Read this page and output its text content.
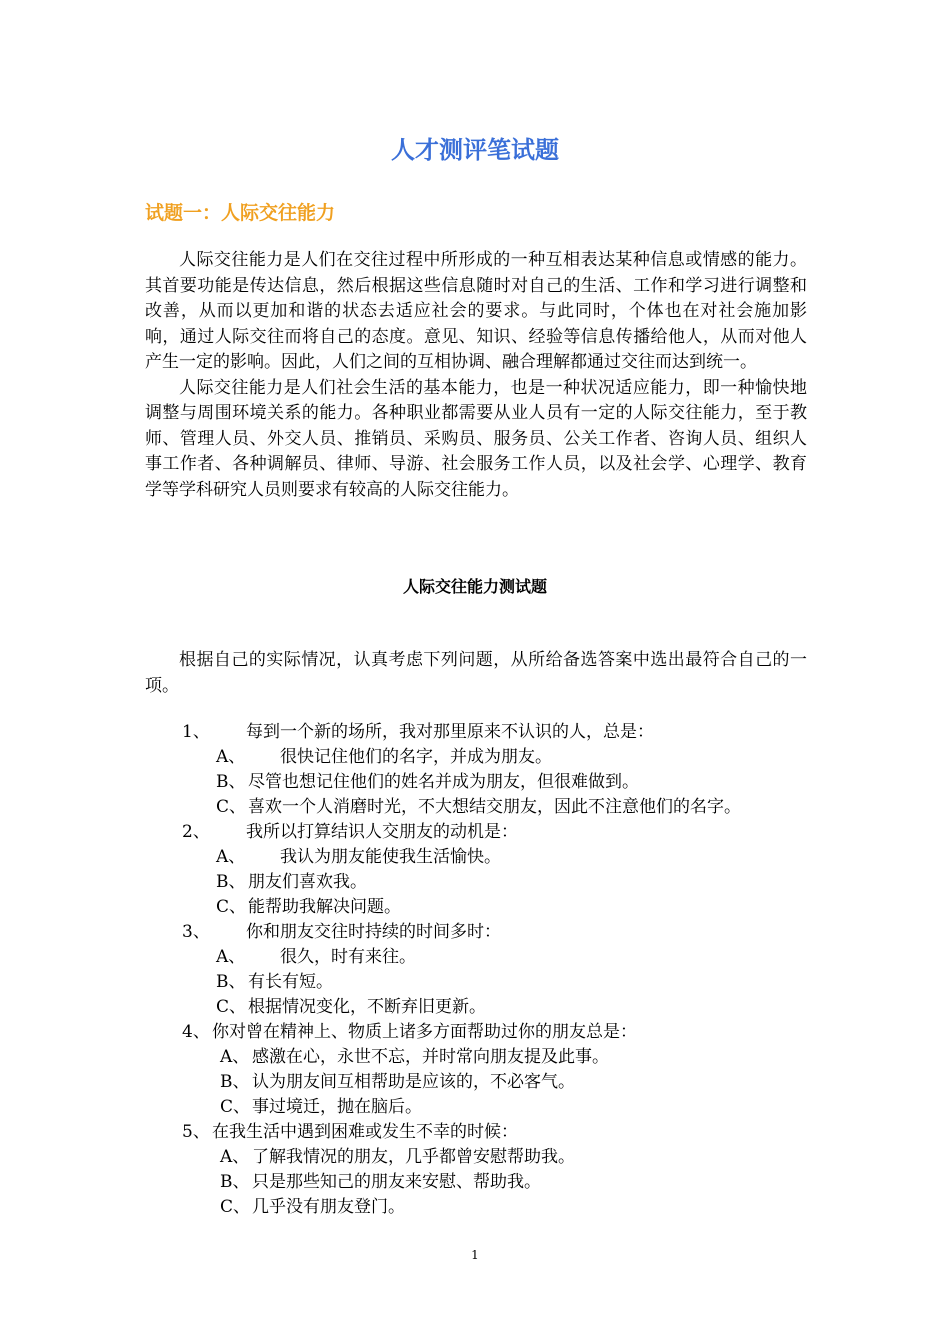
人才测评笔试题
试题一：人际交往能力

人际交往能力是人们在交往过程中所形成的一种互相表达某种信息或情感的能力。其首要功能是传达信息，然后根据这些信息随时对自己的生活、工作和学习进行调整和改善，从而以更加和谐的状态去适应社会的要求。与此同时，个体也在对社会施加影响，通过人际交往而将自己的态度。意见、知识、经验等信息传播给他人，从而对他人产生一定的影响。因此，人们之间的互相协调、融合理解都通过交往而达到统一。

人际交往能力是人们社会生活的基本能力，也是一种状况适应能力，即一种愉快地调整与周围环境关系的能力。各种职业都需要从业人员有一定的人际交往能力，至于教师、管理人员、外交人员、推销员、采购员、服务员、公关工作者、咨询人员、组织人事工作者、各种调解员、律师、导游、社会服务工作人员，以及社会学、心理学、教育学等学科研究人员则要求有较高的人际交往能力。

人际交往能力测试题

根据自己的实际情况，认真考虑下列问题，从所给备选答案中选出最符合自己的一项。

1、 每到一个新的场所，我对那里原来不认识的人，总是：
A、 很快记住他们的名字，并成为朋友。
B、 尽管也想记住他们的姓名并成为朋友，但很难做到。
C、 喜欢一个人消磨时光，不大想结交朋友，因此不注意他们的名字。
2、 我所以打算结识人交朋友的动机是：
A、 我认为朋友能使我生活愉快。
B、 朋友们喜欢我。
C、 能帮助我解决问题。
3、 你和朋友交往时持续的时间多时：
A、 很久，时有来往。
B、 有长有短。
C、 根据情况变化，不断弃旧更新。
4、 你对曾在精神上、物质上诸多方面帮助过你的朋友总是：
A、 感激在心，永世不忘，并时常向朋友提及此事。
B、 认为朋友间互相帮助是应该的，不必客气。
C、 事过境迁，抛在脑后。
5、 在我生活中遇到困难或发生不幸的时候：
A、 了解我情况的朋友，几乎都曾安慰帮助我。
B、 只是那些知己的朋友来安慰、帮助我。
C、 几乎没有朋友登门。
1
